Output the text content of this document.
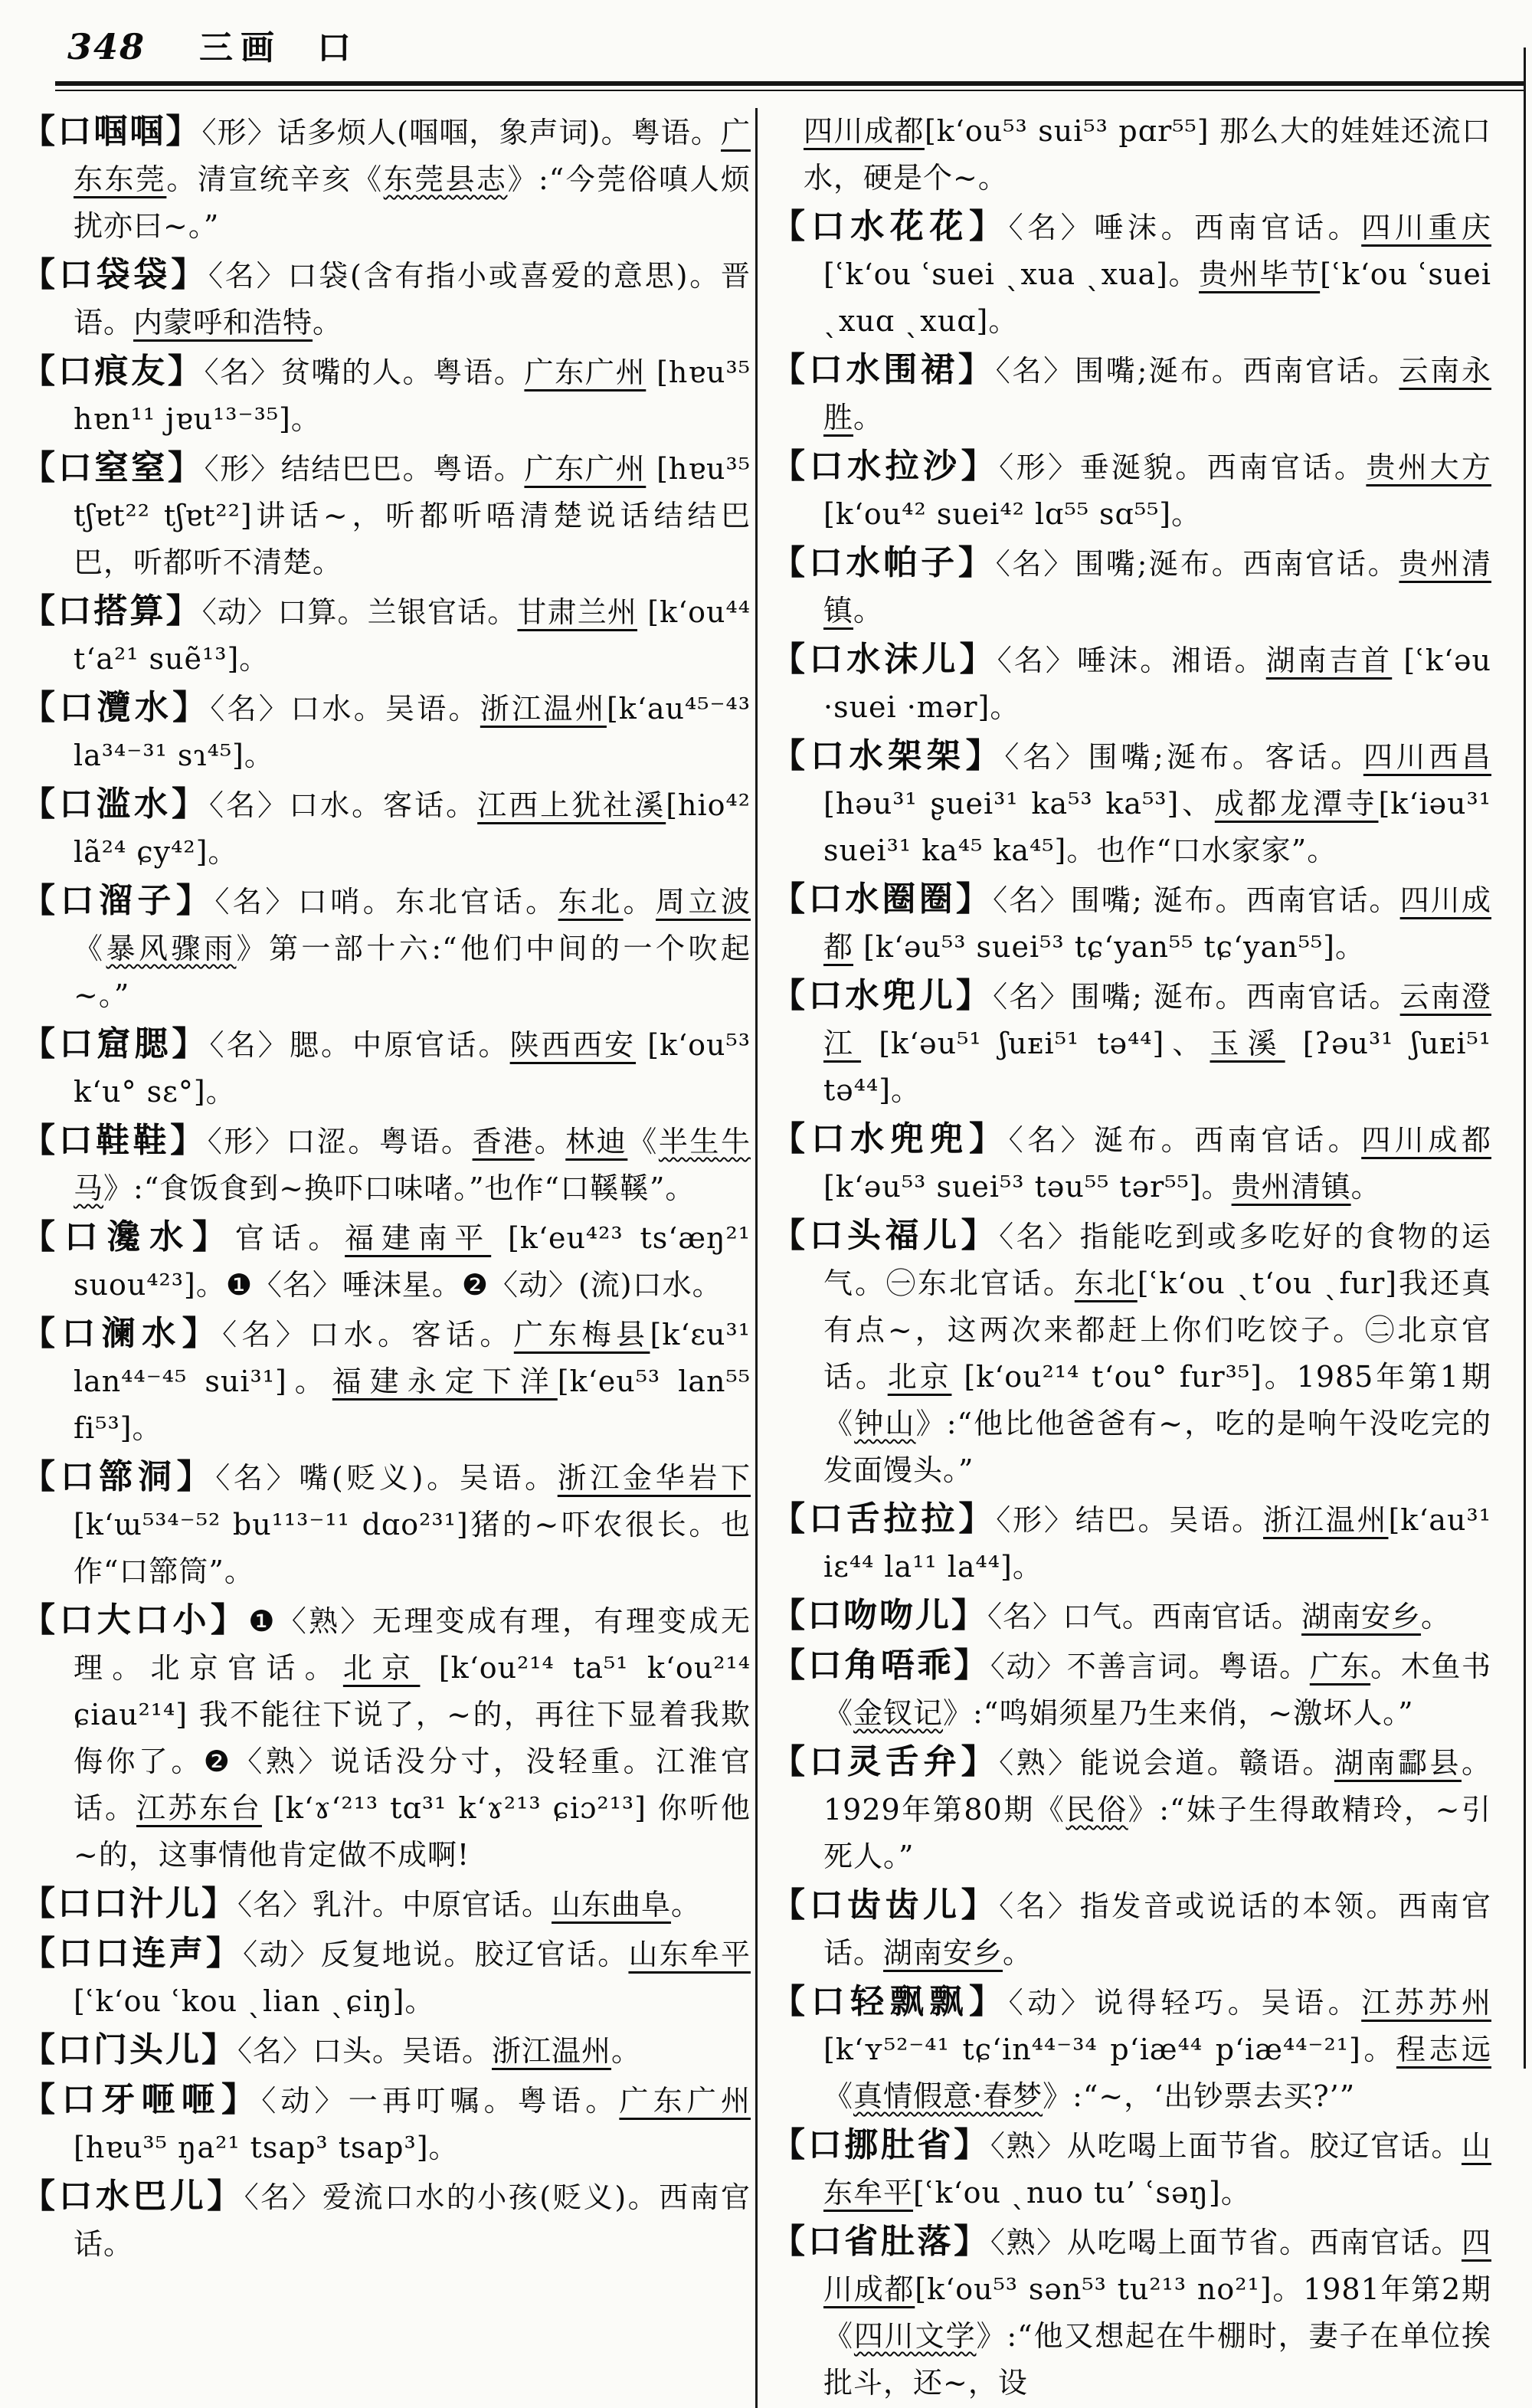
348 三画 口
【口啯啯】〈形〉话多烦人(啯啯，象声词)。粤语。广东东莞。清宣统辛亥《东莞县志》:“今莞俗嗔人烦扰亦曰~。”
【口袋袋】〈名〉口袋(含有指小或喜爱的意思)。晋语。内蒙呼和浩特。
【口痕友】〈名〉贫嘴的人。粤语。广东广州 [hɐu³⁵ hɐn¹¹ jɐu¹³⁻³⁵]。
【口窒窒】〈形〉结结巴巴。粤语。广东广州 [hɐu³⁵ tʃɐt²² tʃɐt²²]讲话~，听都听唔清楚说话结结巴巴，听都听不清楚。
【口搭算】〈动〉口算。兰银官话。甘肃兰州 [k‘ou⁴⁴ t‘a²¹ suẽ¹³]。
【口灠水】〈名〉口水。吴语。浙江温州[k‘au⁴⁵⁻⁴³ la³⁴⁻³¹ sɿ⁴⁵]。
【口滥水】〈名〉口水。客话。江西上犹社溪[hio⁴² lã²⁴ ɕy⁴²]。
【口溜子】〈名〉口哨。东北官话。东北。周立波《暴风骤雨》第一部十六:“他们中间的一个吹起~。”
【口窟腮】〈名〉腮。中原官话。陕西西安 [k‘ou⁵³ k‘u° sɛ°]。
【口鞋鞋】〈形〉口涩。粤语。香港。林迪《半生牛马》:“食饭食到~换吓口味啫。”也作“口鞵鞵”。
【口瀺水】官话。福建南平 [k‘eu⁴²³ ts‘æŋ²¹ suou⁴²³]。❶〈名〉唾沫星。❷〈动〉(流)口水。
【口澜水】〈名〉口水。客话。广东梅县[k‘ɛu³¹ lan⁴⁴⁻⁴⁵ sui³¹]。福建永定下洋[k‘eu⁵³ lan⁵⁵ fi⁵³]。
【口篰洞】〈名〉嘴(贬义)。吴语。浙江金华岩下[k‘ɯ⁵³⁴⁻⁵² bu¹¹³⁻¹¹ dɑo²³¹]猪的~吓农很长。也作“口篰筒”。
【口大口小】❶〈熟〉无理变成有理，有理变成无理。北京官话。北京 [k‘ou²¹⁴ ta⁵¹ k‘ou²¹⁴ ɕiau²¹⁴] 我不能往下说了，~的，再往下显着我欺侮你了。❷〈熟〉说话没分寸，没轻重。江淮官话。江苏东台 [k‘ɤ‘²¹³ tɑ³¹ k‘ɤ²¹³ ɕiɔ²¹³] 你听他~的，这事情他肯定做不成啊!
【口口汁儿】〈名〉乳汁。中原官话。山东曲阜。
【口口连声】〈动〉反复地说。胶辽官话。山东牟平 [ʿk‘ou ʿkou ˎlian ˎɕiŋ]。
【口门头儿】〈名〉口头。吴语。浙江温州。
【口牙咂咂】〈动〉一再叮嘱。粤语。广东广州 [hɐu³⁵ ŋa²¹ tsap³ tsap³]。
【口水巴儿】〈名〉爱流口水的小孩(贬义)。西南官话。
四川成都[k‘ou⁵³ sui⁵³ pɑr⁵⁵] 那么大的娃娃还流口水，硬是个~。
【口水花花】〈名〉唾沫。西南官话。四川重庆[ʿk‘ou ʿsuei ˎxua ˎxua]。贵州毕节[ʿk‘ou ʿsuei ˎxuɑ ˎxuɑ]。
【口水围裙】〈名〉围嘴;涎布。西南官话。云南永胜。
【口水拉沙】〈形〉垂涎貌。西南官话。贵州大方 [k‘ou⁴² suei⁴² lɑ⁵⁵ sɑ⁵⁵]。
【口水帕子】〈名〉围嘴;涎布。西南官话。贵州清镇。
【口水沫儿】〈名〉唾沫。湘语。湖南吉首 [ʿk‘əu ·suei ·mər]。
【口水架架】〈名〉围嘴;涎布。客话。四川西昌[həu³¹ ʂuei³¹ ka⁵³ ka⁵³]、成都龙潭寺[k‘iəu³¹ suei³¹ ka⁴⁵ ka⁴⁵]。也作“口水家家”。
【口水圈圈】〈名〉围嘴; 涎布。西南官话。四川成都 [k‘əu⁵³ suei⁵³ tɕ‘yan⁵⁵ tɕ‘yan⁵⁵]。
【口水兜儿】〈名〉围嘴; 涎布。西南官话。云南澄江 [k‘əu⁵¹ ʃuᴇi⁵¹ tə⁴⁴]、玉溪 [ʔəu³¹ ʃuᴇi⁵¹ tə⁴⁴]。
【口水兜兜】〈名〉涎布。西南官话。四川成都[k‘əu⁵³ suei⁵³ təu⁵⁵ tər⁵⁵]。贵州清镇。
【口头福儿】〈名〉指能吃到或多吃好的食物的运气。㊀东北官话。东北[ʿk‘ou ˎt‘ou ˎfur]我还真有点~，这两次来都赶上你们吃饺子。㊁北京官话。北京 [k‘ou²¹⁴ t‘ou° fur³⁵]。1985年第1期《钟山》:“他比他爸爸有~，吃的是响午没吃完的发面馒头。”
【口舌拉拉】〈形〉结巴。吴语。浙江温州[k‘au³¹ iɛ⁴⁴ la¹¹ la⁴⁴]。
【口吻吻儿】〈名〉口气。西南官话。湖南安乡。
【口角唔乖】〈动〉不善言词。粤语。广东。木鱼书《金钗记》:“鸣娟须星乃生来俏，~激坏人。”
【口灵舌弁】〈熟〉能说会道。赣语。湖南酃县。1929年第80期《民俗》:“妹子生得敢精玲，~引死人。”
【口齿齿儿】〈名〉指发音或说话的本领。西南官话。湖南安乡。
【口轻飘飘】〈动〉说得轻巧。吴语。江苏苏州 [k‘ʏ⁵²⁻⁴¹ tɕ‘in⁴⁴⁻³⁴ p‘iæ⁴⁴ p‘iæ⁴⁴⁻²¹]。程志远《真情假意·春梦》:“~，‘出钞票去买?’”
【口挪肚省】〈熟〉从吃喝上面节省。胶辽官话。山东牟平[ʿk‘ou ˎnuo tu’ ʿsəŋ]。
【口省肚落】〈熟〉从吃喝上面节省。西南官话。四川成都[k‘ou⁵³ sən⁵³ tu²¹³ no²¹]。1981年第2期《四川文学》:“他又想起在牛棚时，妻子在单位挨批斗，还~，设
